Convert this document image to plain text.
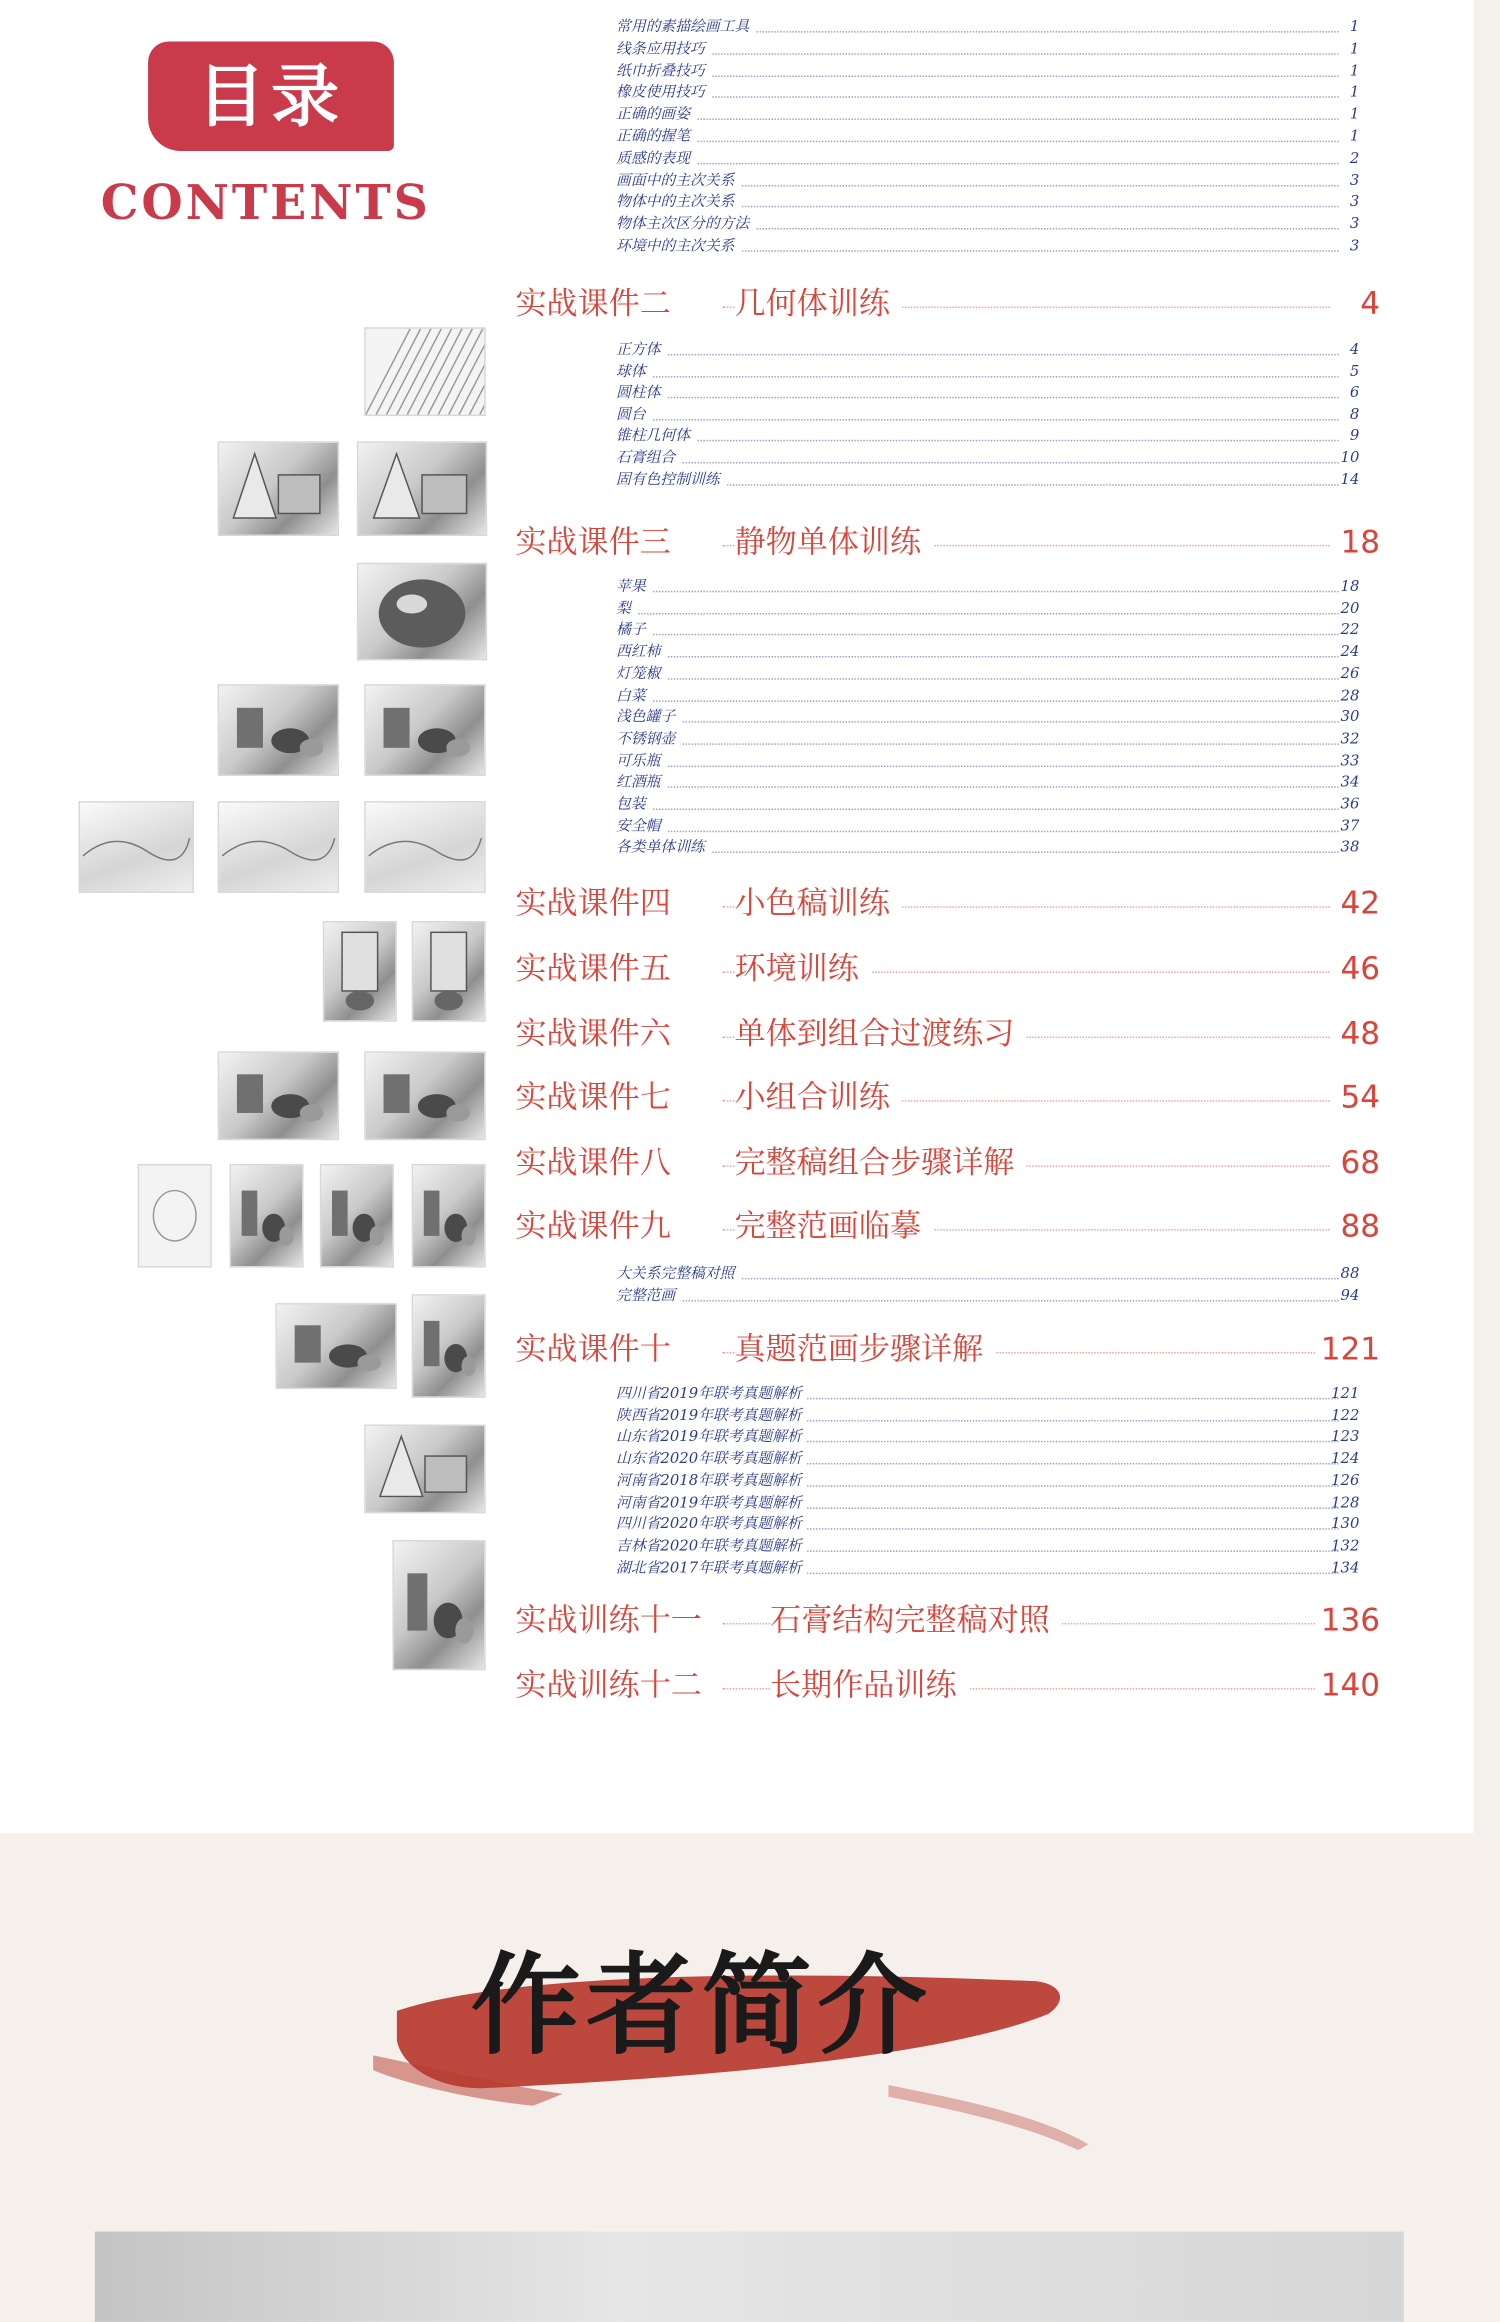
目录
CONTENTS
常用的素描绘画工具	1
线条应用技巧	1
纸巾折叠技巧	1
橡皮使用技巧	1
正确的画姿	1
正确的握笔	1
质感的表现	2
画面中的主次关系	3
物体中的主次关系	3
物体主次区分的方法	3
环境中的主次关系	3
实战课件二	几何体训练	4
正方体	4
球体	5
圆柱体	6
圆台	8
锥柱几何体	9
石膏组合	10
固有色控制训练	14
实战课件三	静物单体训练	18
苹果	18
梨	20
橘子	22
西红柿	24
灯笼椒	26
白菜	28
浅色罐子	30
不锈钢壶	32
可乐瓶	33
红酒瓶	34
包装	36
安全帽	37
各类单体训练	38
实战课件四	小色稿训练	42
实战课件五	环境训练	46
实战课件六	单体到组合过渡练习	48
实战课件七	小组合训练	54
实战课件八	完整稿组合步骤详解	68
实战课件九	完整范画临摹	88
大关系完整稿对照	88
完整范画	94
实战课件十	真题范画步骤详解	121
四川省2019年联考真题解析	121
陕西省2019年联考真题解析	122
山东省2019年联考真题解析	123
山东省2020年联考真题解析	124
河南省2018年联考真题解析	126
河南省2019年联考真题解析	128
四川省2020年联考真题解析	130
吉林省2020年联考真题解析	132
湖北省2017年联考真题解析	134
实战训练十一	石膏结构完整稿对照	136
实战训练十二	长期作品训练	140
作者简介
